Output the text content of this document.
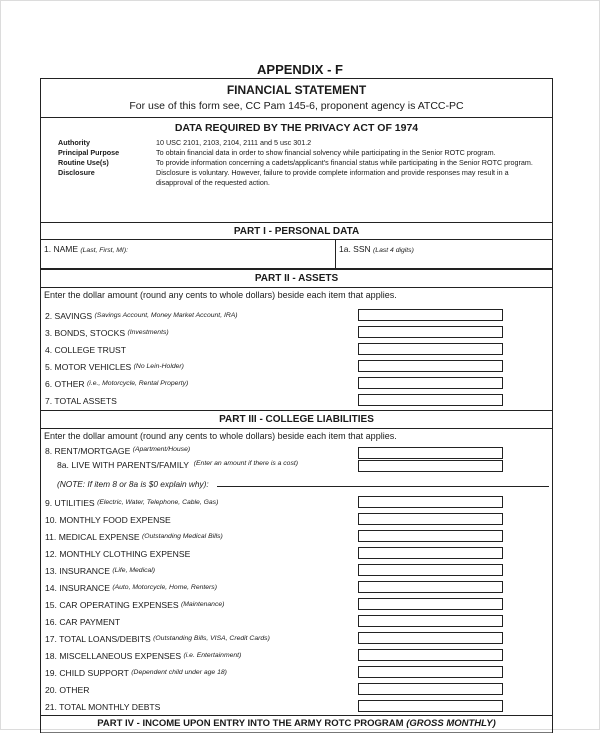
APPENDIX - F
FINANCIAL STATEMENT
For use of this form see, CC Pam 145-6, proponent agency is ATCC-PC
DATA REQUIRED BY THE PRIVACY ACT OF 1974
Authority	10 USC 2101, 2103, 2104, 2111 and 5 usc 301.2
Principal Purpose	To obtain financial data in order to show financial solvency while participating in the Senior ROTC program.
Routine Use(s)	To provide information concerning a cadets/applicant's financial status while participating in the Senior ROTC program.
Disclosure	Disclosure is voluntary. However, failure to provide complete information and provide responses may result in a
disapproval of the requested action.
PART I - PERSONAL DATA
1. NAME (Last, First, MI):	1a. SSN (Last 4 digits)
PART II - ASSETS
Enter the dollar amount (round any cents to whole dollars) beside each item that applies.
2. SAVINGS
(Savings Account, Money Market Account, IRA)
3. BONDS, STOCKS
(Investments)
4. COLLEGE TRUST

5. MOTOR VEHICLES
(No Lein-Holder)
6. OTHER
(i.e., Motorcycle, Rental Property)
7. TOTAL ASSETS

PART III - COLLEGE LIABILITIES
Enter the dollar amount (round any cents to whole dollars) beside each item that applies.
8. RENT/MORTGAGE
(Apartment/House)
8a. LIVE WITH PARENTS/FAMILY
(Enter an amount if there is a cost)
(NOTE: If item 8 or 8a is $0 explain why):
9. UTILITIES
(Electric, Water, Telephone, Cable, Gas)
10. MONTHLY FOOD EXPENSE

11. MEDICAL EXPENSE
(Outstanding Medical Bills)
12. MONTHLY CLOTHING EXPENSE

13. INSURANCE
(Life, Medical)
14. INSURANCE
(Auto, Motorcycle, Home, Renters)
15. CAR OPERATING EXPENSES
(Maintenance)
16. CAR PAYMENT

17. TOTAL LOANS/DEBITS
(Outstanding Bills, VISA, Credit Cards)
18. MISCELLANEOUS EXPENSES
(i.e. Entertainment)
19. CHILD SUPPORT
(Dependent child under age 18)
20. OTHER

21. TOTAL MONTHLY DEBTS

PART IV - INCOME UPON ENTRY INTO THE ARMY ROTC PROGRAM (GROSS MONTHLY)
